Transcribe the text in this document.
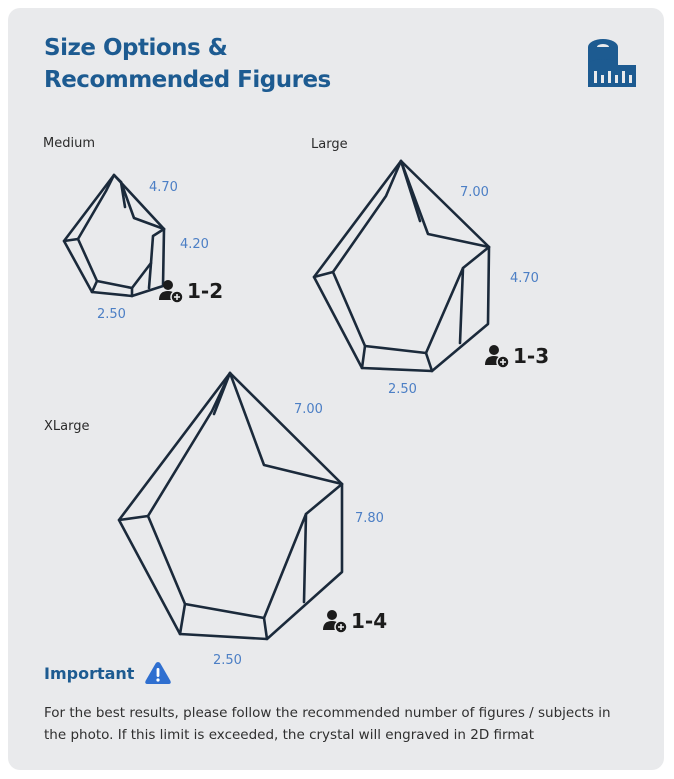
Size Options &
Recommended Figures
Medium
4.70
4.20
2.50
1-2
Large
7.00
4.70
2.50
1-3
XLarge
7.00
7.80
2.50
1-4
Important

For the best results, please follow the recommended number of figures / subjects in the photo. If this limit is exceeded, the crystal will engraved in 2D firmat
